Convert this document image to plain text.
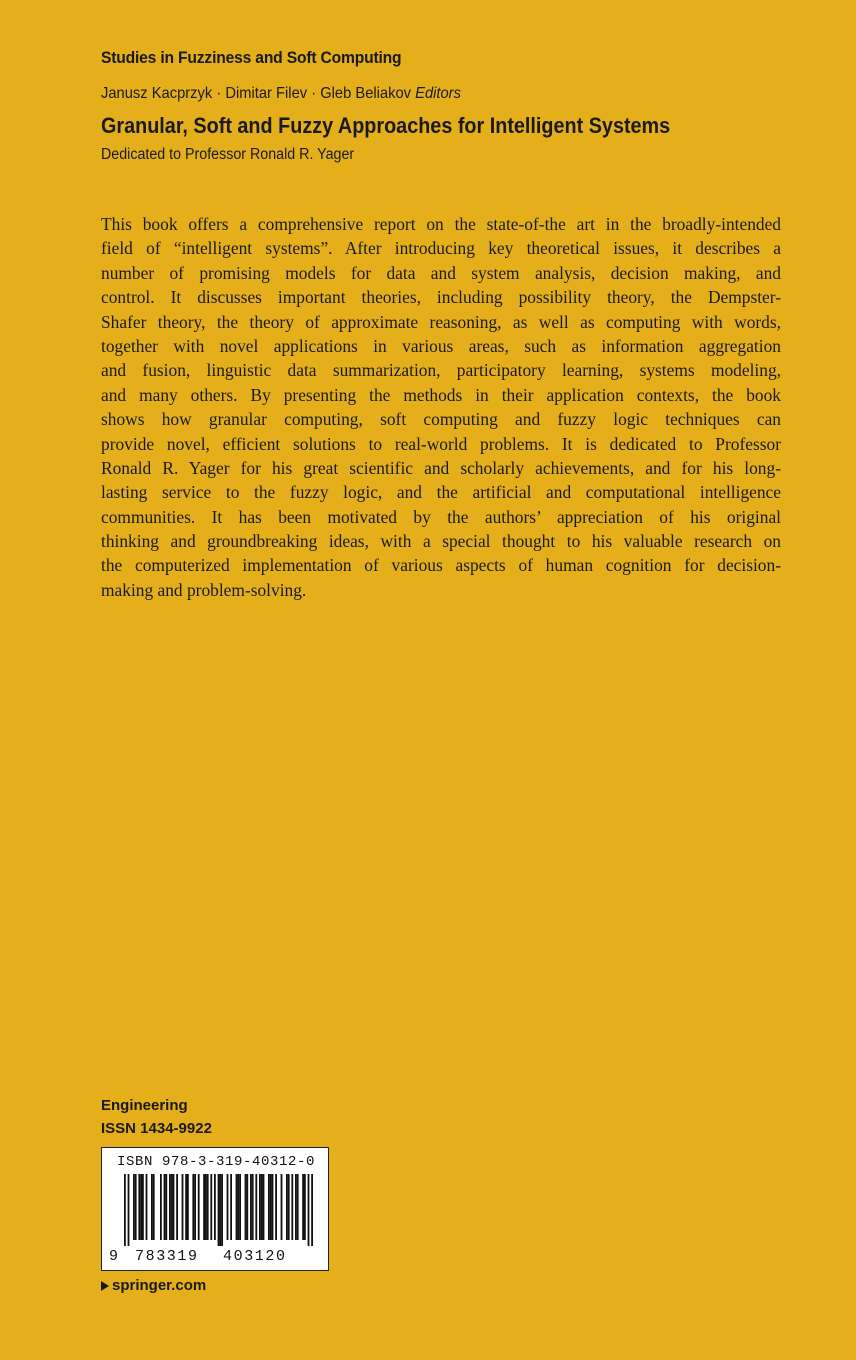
Studies in Fuzziness and Soft Computing
Janusz Kacprzyk · Dimitar Filev · Gleb Beliakov Editors
Granular, Soft and Fuzzy Approaches for Intelligent Systems
Dedicated to Professor Ronald R. Yager
This book offers a comprehensive report on the state-of-the art in the broadly-intended
field of “intelligent systems”. After introducing key theoretical issues, it describes a
number of promising models for data and system analysis, decision making, and
control. It discusses important theories, including possibility theory, the Dempster-
Shafer theory, the theory of approximate reasoning, as well as computing with words,
together with novel applications in various areas, such as information aggregation
and fusion, linguistic data summarization, participatory learning, systems modeling,
and many others. By presenting the methods in their application contexts, the book
shows how granular computing, soft computing and fuzzy logic techniques can
provide novel, efficient solutions to real-world problems. It is dedicated to Professor
Ronald R. Yager for his great scientific and scholarly achievements, and for his long-
lasting service to the fuzzy logic, and the artificial and computational intelligence
communities. It has been motivated by the authors’ appreciation of his original
thinking and groundbreaking ideas, with a special thought to his valuable research on
the computerized implementation of various aspects of human cognition for decision-
making and problem-solving.
Engineering
ISSN 1434-9922
ISBN 978-3-319-40312-0
9 783319 403120
springer.com
